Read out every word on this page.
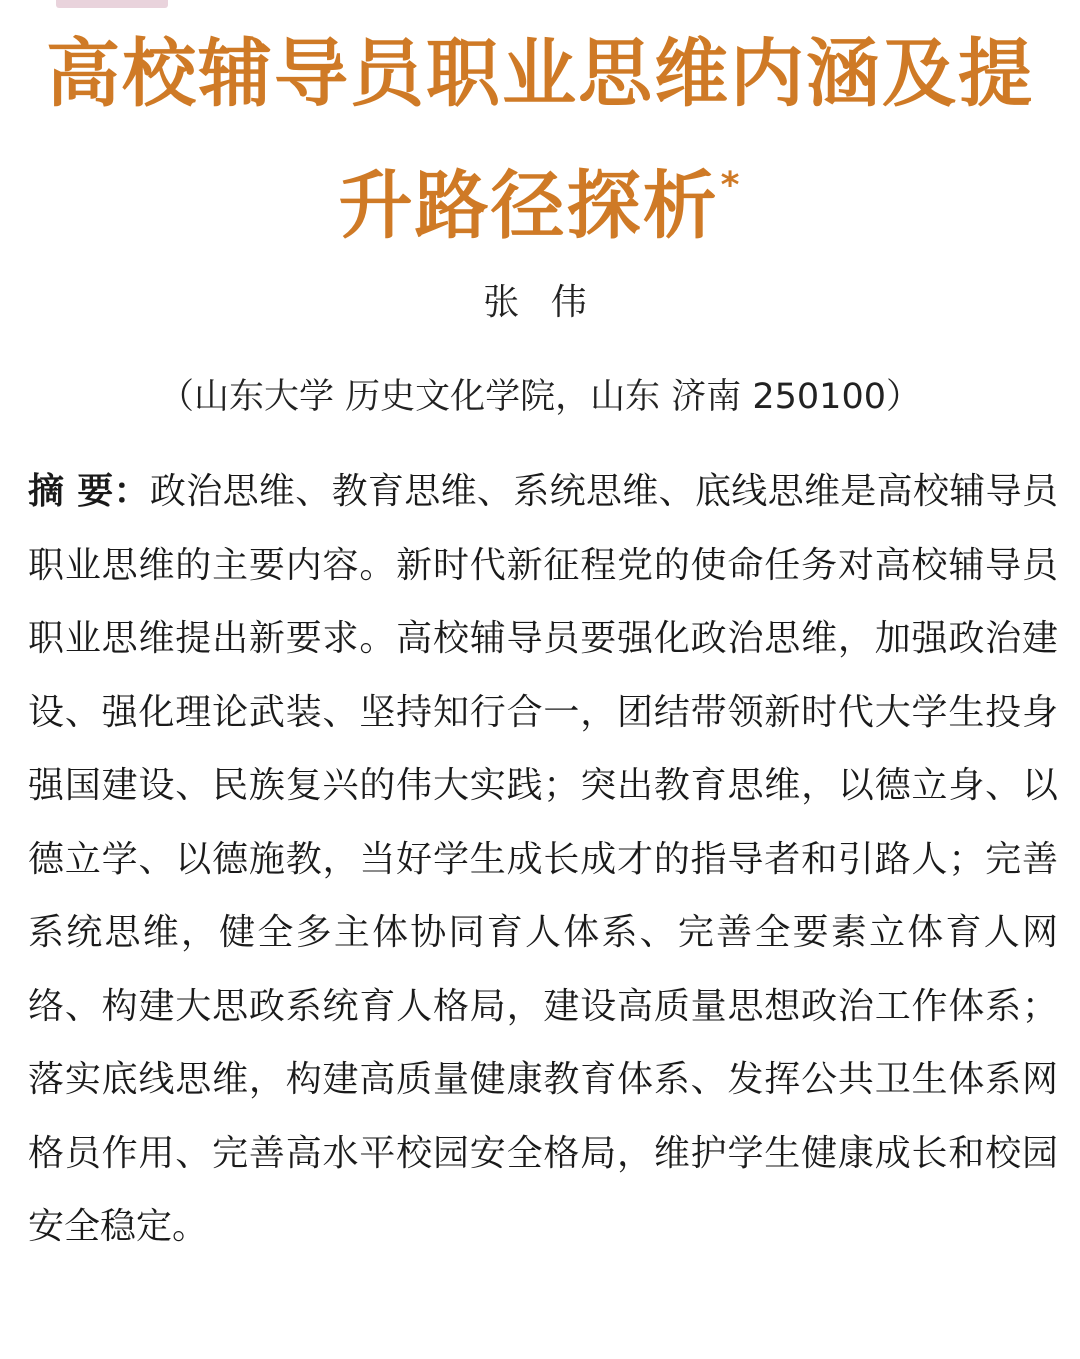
高校辅导员职业思维内涵及提
升路径探析*
张 伟
（山东大学 历史文化学院，山东 济南 250100）
摘 要：政治思维、教育思维、系统思维、底线思维是高校辅导员职业思维的主要内容。新时代新征程党的使命任务对高校辅导员职业思维提出新要求。高校辅导员要强化政治思维，加强政治建设、强化理论武装、坚持知行合一，团结带领新时代大学生投身强国建设、民族复兴的伟大实践；突出教育思维，以德立身、以德立学、以德施教，当好学生成长成才的指导者和引路人；完善系统思维，健全多主体协同育人体系、完善全要素立体育人网络、构建大思政系统育人格局，建设高质量思想政治工作体系；落实底线思维，构建高质量健康教育体系、发挥公共卫生体系网格员作用、完善高水平校园安全格局，维护学生健康成长和校园安全稳定。
